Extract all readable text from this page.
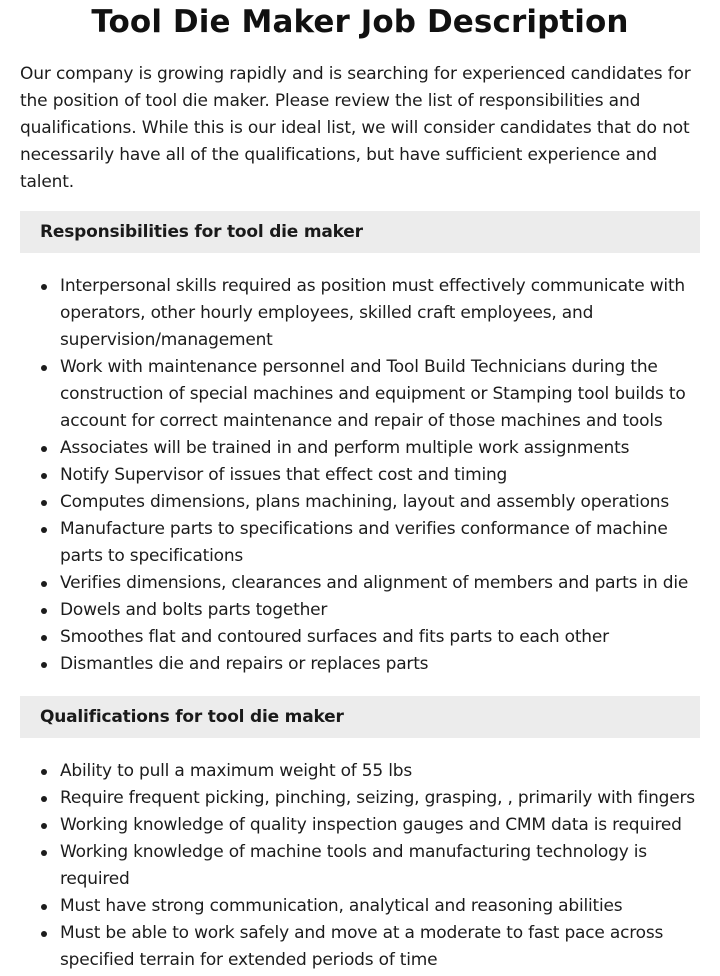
Tool Die Maker Job Description

Our company is growing rapidly and is searching for experienced candidates for the position of tool die maker. Please review the list of responsibilities and qualifications. While this is our ideal list, we will consider candidates that do not necessarily have all of the qualifications, but have sufficient experience and talent.

Responsibilities for tool die maker
Interpersonal skills required as position must effectively communicate with operators, other hourly employees, skilled craft employees, and supervision/management
Work with maintenance personnel and Tool Build Technicians during the construction of special machines and equipment or Stamping tool builds to account for correct maintenance and repair of those machines and tools
Associates will be trained in and perform multiple work assignments
Notify Supervisor of issues that effect cost and timing
Computes dimensions, plans machining, layout and assembly operations
Manufacture parts to specifications and verifies conformance of machine parts to specifications
Verifies dimensions, clearances and alignment of members and parts in die
Dowels and bolts parts together
Smoothes flat and contoured surfaces and fits parts to each other
Dismantles die and repairs or replaces parts
Qualifications for tool die maker
Ability to pull a maximum weight of 55 lbs
Require frequent picking, pinching, seizing, grasping, , primarily with fingers
Working knowledge of quality inspection gauges and CMM data is required
Working knowledge of machine tools and manufacturing technology is required
Must have strong communication, analytical and reasoning abilities
Must be able to work safely and move at a moderate to fast pace across specified terrain for extended periods of time
